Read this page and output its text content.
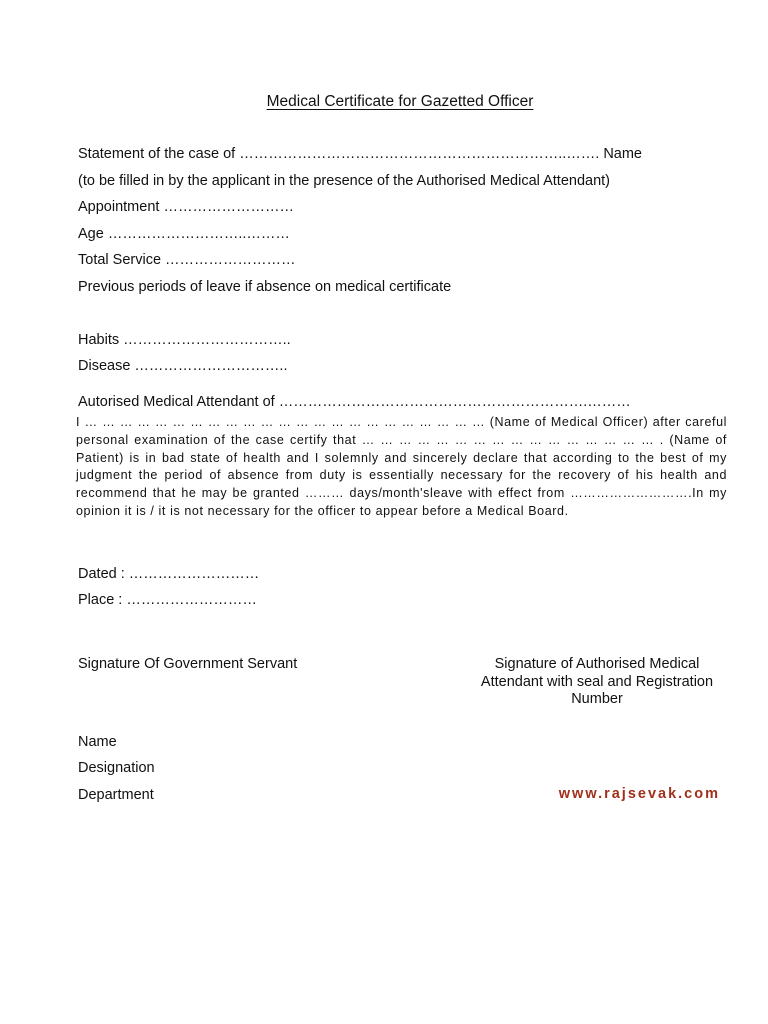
Medical Certificate for Gazetted Officer
Statement of the case of …………………………………………………………..……. Name
(to be filled in by the applicant in the presence of the Authorised Medical Attendant)
Appointment ………………………
Age ………………………..………
Total Service ………………………
Previous periods of leave if absence on medical certificate
Habits ……………………………..
Disease …………………………..
Autorised Medical Attendant of ……………………………………………………….………
I … … … … … … … … … … … … … … … … … … … … … … … (Name of Medical Officer) after careful personal examination of the case certify that … … … … … … … … … … … … … … … … . (Name of Patient) is in bad state of health and I solemnly and sincerely declare that according to the best of my judgment the period of absence from duty is essentially necessary for the recovery of his health and recommend that he may be granted ……… days/month'sleave with effect from ……………………….In my opinion it is / it is not necessary for the officer to appear before a Medical Board.
Dated : ………………………
Place : ………………………
Signature Of Government Servant	Signature of Authorised Medical Attendant with seal and Registration Number
Name
Designation
Department	www.rajsevak.com
